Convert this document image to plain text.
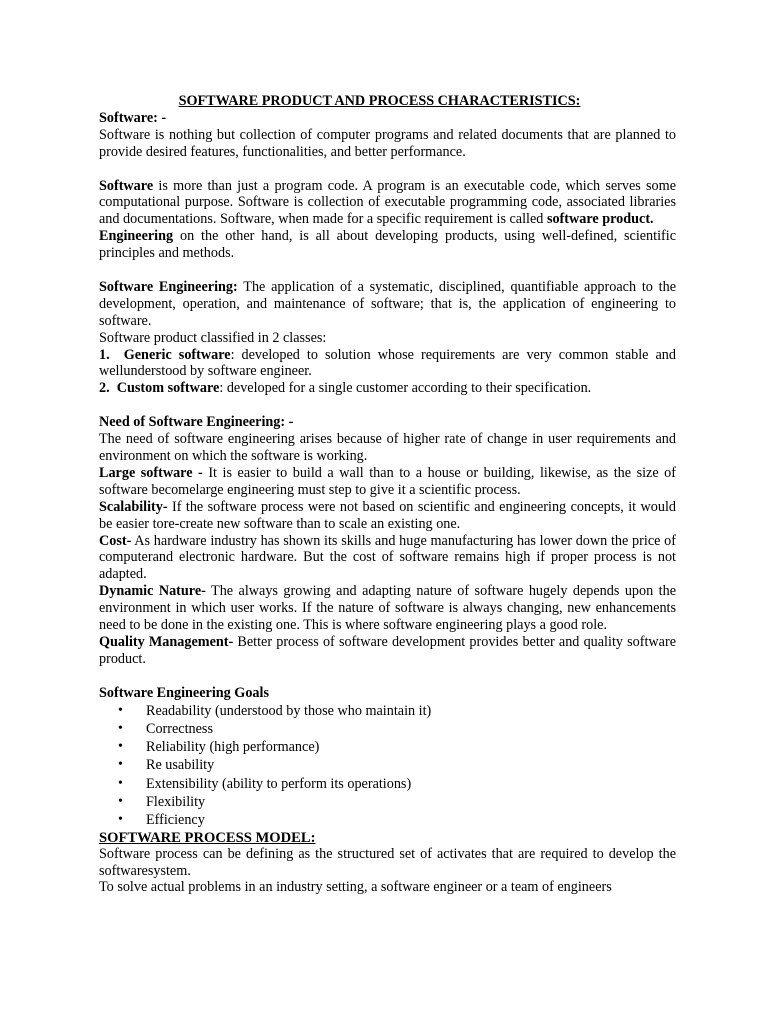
SOFTWARE PRODUCT AND PROCESS CHARACTERISTICS:

Software: -

Software is nothing but collection of computer programs and related documents that are planned to provide desired features, functionalities, and better performance.

Software is more than just a program code. A program is an executable code, which serves some computational purpose. Software is collection of executable programming code, associated libraries and documentations. Software, when made for a specific requirement is called software product.

Engineering on the other hand, is all about developing products, using well-defined, scientific principles and methods.

Software Engineering: The application of a systematic, disciplined, quantifiable approach to the development, operation, and maintenance of software; that is, the application of engineering to software.

Software product classified in 2 classes:

1. Generic software: developed to solution whose requirements are very common stable and wellunderstood by software engineer.

2. Custom software: developed for a single customer according to their specification.

Need of Software Engineering: -

The need of software engineering arises because of higher rate of change in user requirements and environment on which the software is working.

Large software - It is easier to build a wall than to a house or building, likewise, as the size of software becomelarge engineering must step to give it a scientific process.

Scalability- If the software process were not based on scientific and engineering concepts, it would be easier tore-create new software than to scale an existing one.

Cost- As hardware industry has shown its skills and huge manufacturing has lower down the price of computerand electronic hardware. But the cost of software remains high if proper process is not adapted.

Dynamic Nature- The always growing and adapting nature of software hugely depends upon the environment in which user works. If the nature of software is always changing, new enhancements need to be done in the existing one. This is where software engineering plays a good role.

Quality Management- Better process of software development provides better and quality software product.

Software Engineering Goals

• Readability (understood by those who maintain it)
• Correctness
• Reliability (high performance)
• Re usability
• Extensibility (ability to perform its operations)
• Flexibility
• Efficiency

SOFTWARE PROCESS MODEL:

Software process can be defining as the structured set of activates that are required to develop the softwaresystem.

To solve actual problems in an industry setting, a software engineer or a team of engineers
